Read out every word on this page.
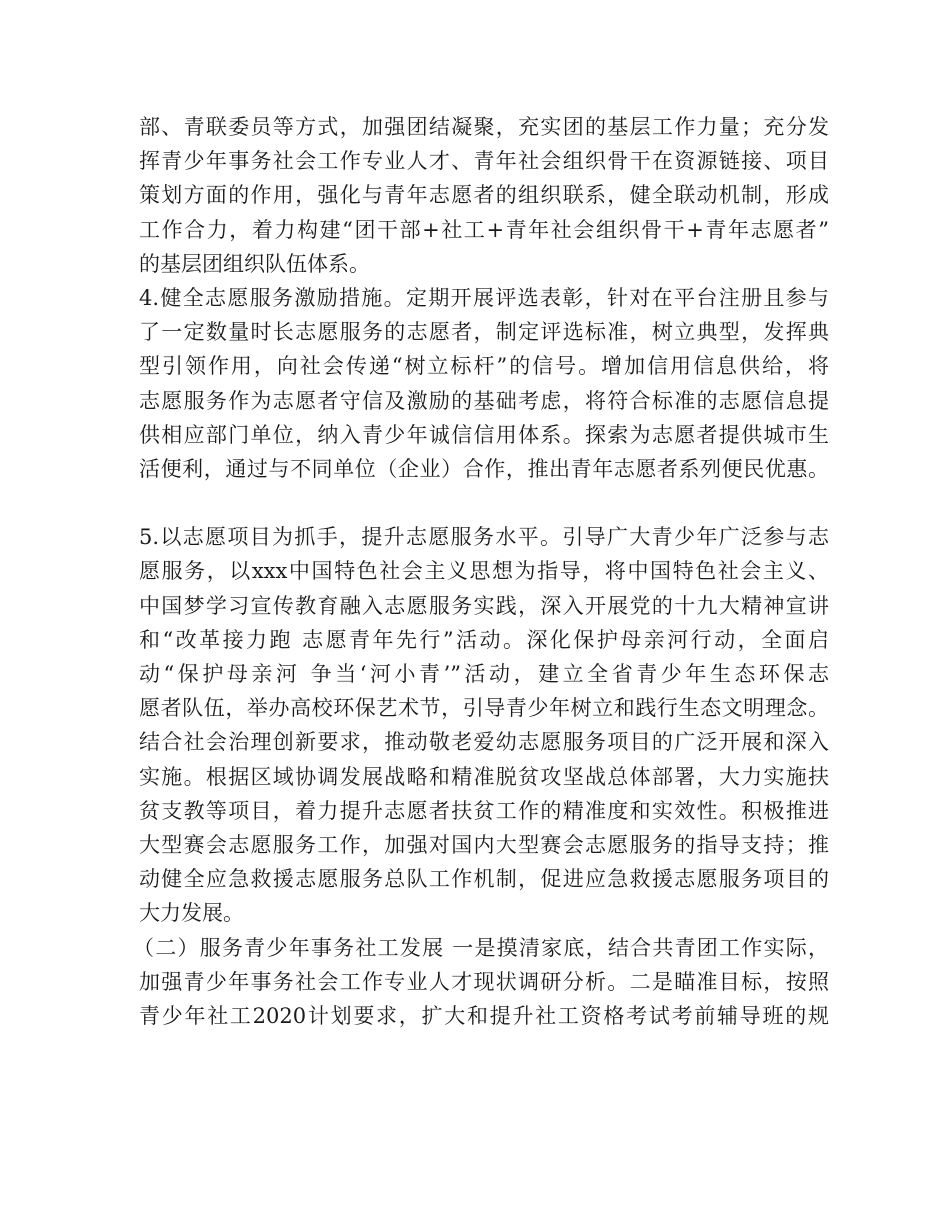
部、青联委员等方式，加强团结凝聚，充实团的基层工作力量；充分发
挥青少年事务社会工作专业人才、青年社会组织骨干在资源链接、项目
策划方面的作用，强化与青年志愿者的组织联系，健全联动机制，形成
工作合力，着力构建“团干部+社工+青年社会组织骨干+青年志愿者”
的基层团组织队伍体系。
4.健全志愿服务激励措施。定期开展评选表彰，针对在平台注册且参与
了一定数量时长志愿服务的志愿者，制定评选标准，树立典型，发挥典
型引领作用，向社会传递“树立标杆”的信号。增加信用信息供给，将
志愿服务作为志愿者守信及激励的基础考虑，将符合标准的志愿信息提
供相应部门单位，纳入青少年诚信信用体系。探索为志愿者提供城市生
活便利，通过与不同单位（企业）合作，推出青年志愿者系列便民优惠。
5.以志愿项目为抓手，提升志愿服务水平。引导广大青少年广泛参与志
愿服务，以xxx中国特色社会主义思想为指导，将中国特色社会主义、
中国梦学习宣传教育融入志愿服务实践，深入开展党的十九大精神宣讲
和“改革接力跑 志愿青年先行”活动。深化保护母亲河行动，全面启
动“保护母亲河 争当‘河小青’”活动，建立全省青少年生态环保志
愿者队伍，举办高校环保艺术节，引导青少年树立和践行生态文明理念。
结合社会治理创新要求，推动敬老爱幼志愿服务项目的广泛开展和深入
实施。根据区域协调发展战略和精准脱贫攻坚战总体部署，大力实施扶
贫支教等项目，着力提升志愿者扶贫工作的精准度和实效性。积极推进
大型赛会志愿服务工作，加强对国内大型赛会志愿服务的指导支持；推
动健全应急救援志愿服务总队工作机制，促进应急救援志愿服务项目的
大力发展。
（二）服务青少年事务社工发展 一是摸清家底，结合共青团工作实际，
加强青少年事务社会工作专业人才现状调研分析。二是瞄准目标，按照
青少年社工2020计划要求，扩大和提升社工资格考试考前辅导班的规
